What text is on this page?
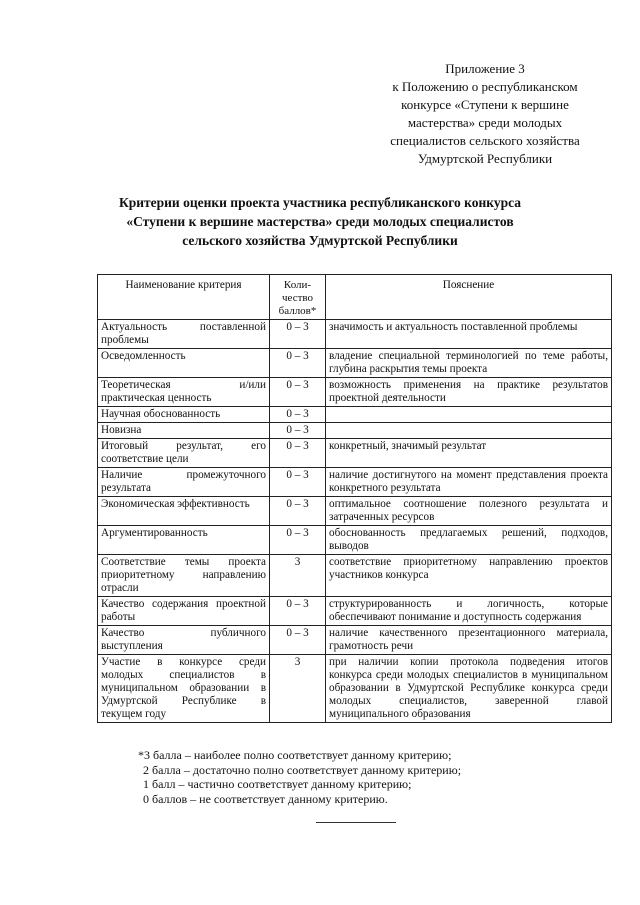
Приложение 3
к Положению о республиканском
конкурсе «Ступени к вершине
мастерства» среди молодых
специалистов сельского хозяйства
Удмуртской Республики
Критерии оценки проекта участника республиканского конкурса
«Ступени к вершине мастерства» среди молодых специалистов
сельского хозяйства Удмуртской Республики
Наименование критерия	Коли-чество баллов*	Пояснение
Актуальность поставленной проблемы	0 – 3	значимость и актуальность поставленной проблемы
Осведомленность	0 – 3	владение специальной терминологией по теме работы, глубина раскрытия темы проекта
Теоретическая и/или практическая ценность	0 – 3	возможность применения на практике результатов проектной деятельности
Научная обоснованность	0 – 3	
Новизна	0 – 3	
Итоговый результат, его соответствие цели	0 – 3	конкретный, значимый результат
Наличие промежуточного результата	0 – 3	наличие достигнутого на момент представления проекта конкретного результата
Экономическая эффективность	0 – 3	оптимальное соотношение полезного результата и затраченных ресурсов
Аргументированность	0 – 3	обоснованность предлагаемых решений, подходов, выводов
Соответствие темы проекта приоритетному направлению отрасли	3	соответствие приоритетному направлению проектов участников конкурса
Качество содержания проектной работы	0 – 3	структурированность и логичность, которые обеспечивают понимание и доступность содержания
Качество публичного выступления	0 – 3	наличие качественного презентационного материала, грамотность речи
Участие в конкурсе среди молодых специалистов в муниципальном образовании в Удмуртской Республике в текущем году	3	при наличии копии протокола подведения итогов конкурса среди молодых специалистов в муниципальном образовании в Удмуртской Республике конкурса среди молодых специалистов, заверенной главой муниципального образования
*3 балла – наиболее полно соответствует данному критерию;
2 балла – достаточно полно соответствует данному критерию;
1 балл – частично соответствует данному критерию;
0 баллов – не соответствует данному критерию.
